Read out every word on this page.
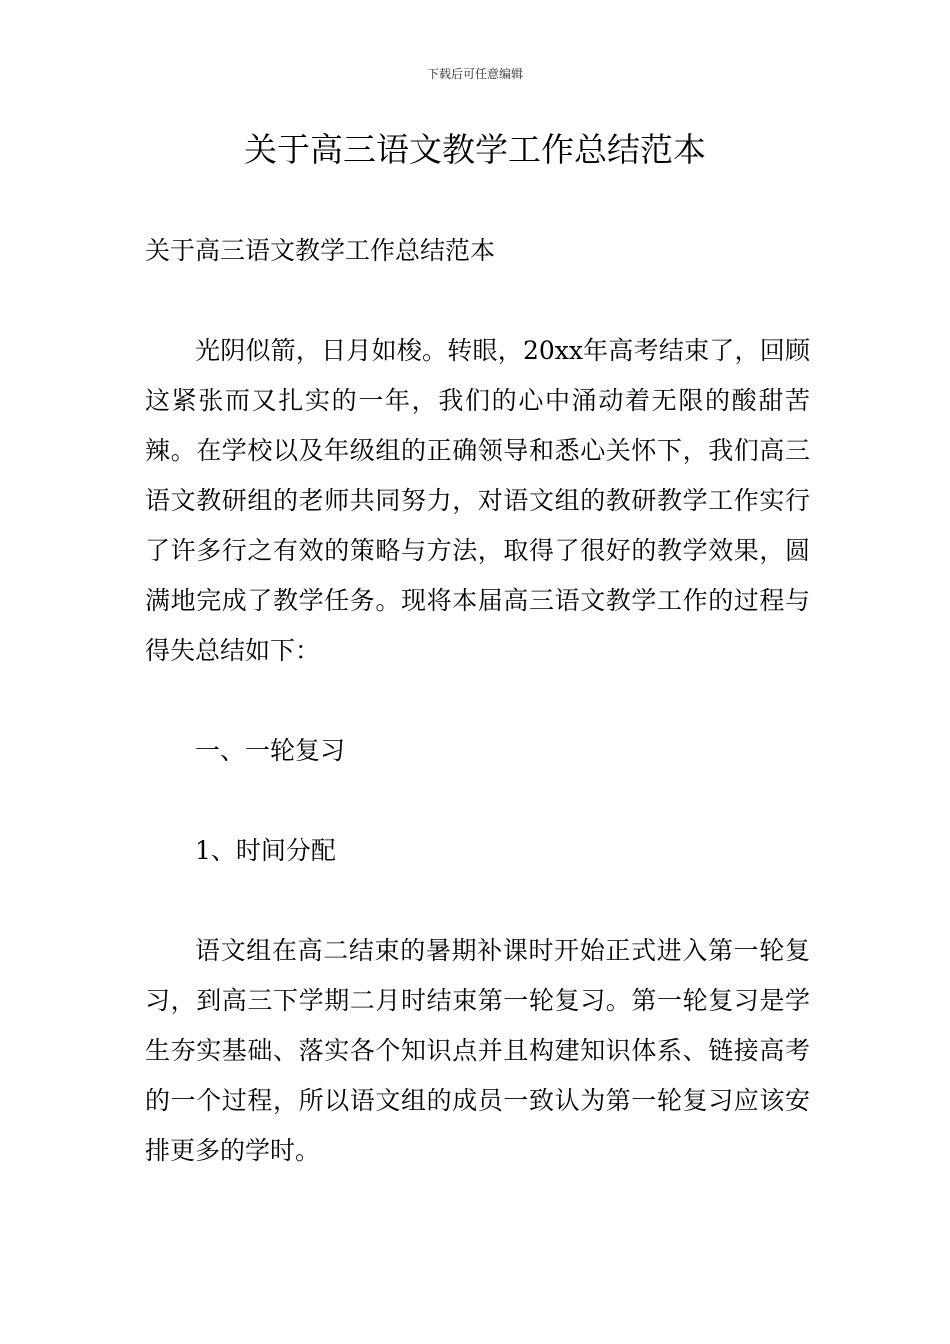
下载后可任意编辑
关于高三语文教学工作总结范本

关于高三语文教学工作总结范本

光阴似箭，日月如梭。转眼，20xx年高考结束了，回顾这紧张而又扎实的一年，我们的心中涌动着无限的酸甜苦辣。在学校以及年级组的正确领导和悉心关怀下，我们高三语文教研组的老师共同努力，对语文组的教研教学工作实行了许多行之有效的策略与方法，取得了很好的教学效果，圆满地完成了教学任务。现将本届高三语文教学工作的过程与得失总结如下：

一、一轮复习

1、时间分配

语文组在高二结束的暑期补课时开始正式进入第一轮复习，到高三下学期二月时结束第一轮复习。第一轮复习是学生夯实基础、落实各个知识点并且构建知识体系、链接高考的一个过程，所以语文组的成员一致认为第一轮复习应该安排更多的学时。
